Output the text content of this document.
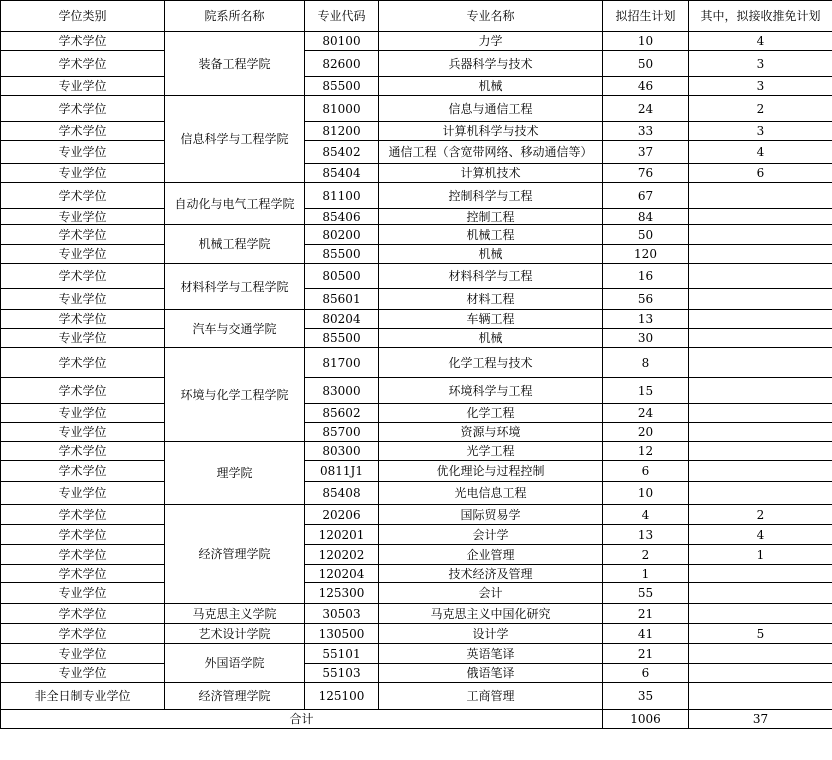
学位类别	院系所名称	专业代码	专业名称	拟招生计划	其中，拟接收推免计划
学术学位	装备工程学院	80100	力学	10	4
学术学位		82600	兵器科学与技术	50	3
专业学位		85500	机械	46	3
学术学位	信息科学与工程学院	81000	信息与通信工程	24	2
学术学位		81200	计算机科学与技术	33	3
专业学位		85402	通信工程（含宽带网络、移动通信等）	37	4
专业学位		85404	计算机技术	76	6
学术学位	自动化与电气工程学院	81100	控制科学与工程	67	
专业学位		85406	控制工程	84	
学术学位	机械工程学院	80200	机械工程	50	
专业学位		85500	机械	120	
学术学位	材料科学与工程学院	80500	材料科学与工程	16	
专业学位		85601	材料工程	56	
学术学位	汽车与交通学院	80204	车辆工程	13	
专业学位		85500	机械	30	
学术学位	环境与化学工程学院	81700	化学工程与技术	8	
学术学位		83000	环境科学与工程	15	
专业学位		85602	化学工程	24	
专业学位		85700	资源与环境	20	
学术学位	理学院	80300	光学工程	12	
学术学位		0811J1	优化理论与过程控制	6	
专业学位		85408	光电信息工程	10	
学术学位	经济管理学院	20206	国际贸易学	4	2
学术学位		120201	会计学	13	4
学术学位		120202	企业管理	2	1
学术学位		120204	技术经济及管理	1	
专业学位		125300	会计	55	
学术学位	马克思主义学院	30503	马克思主义中国化研究	21	
学术学位	艺术设计学院	130500	设计学	41	5
专业学位	外国语学院	55101	英语笔译	21	
专业学位		55103	俄语笔译	6	
非全日制专业学位	经济管理学院	125100	工商管理	35	
合计				1006	37
